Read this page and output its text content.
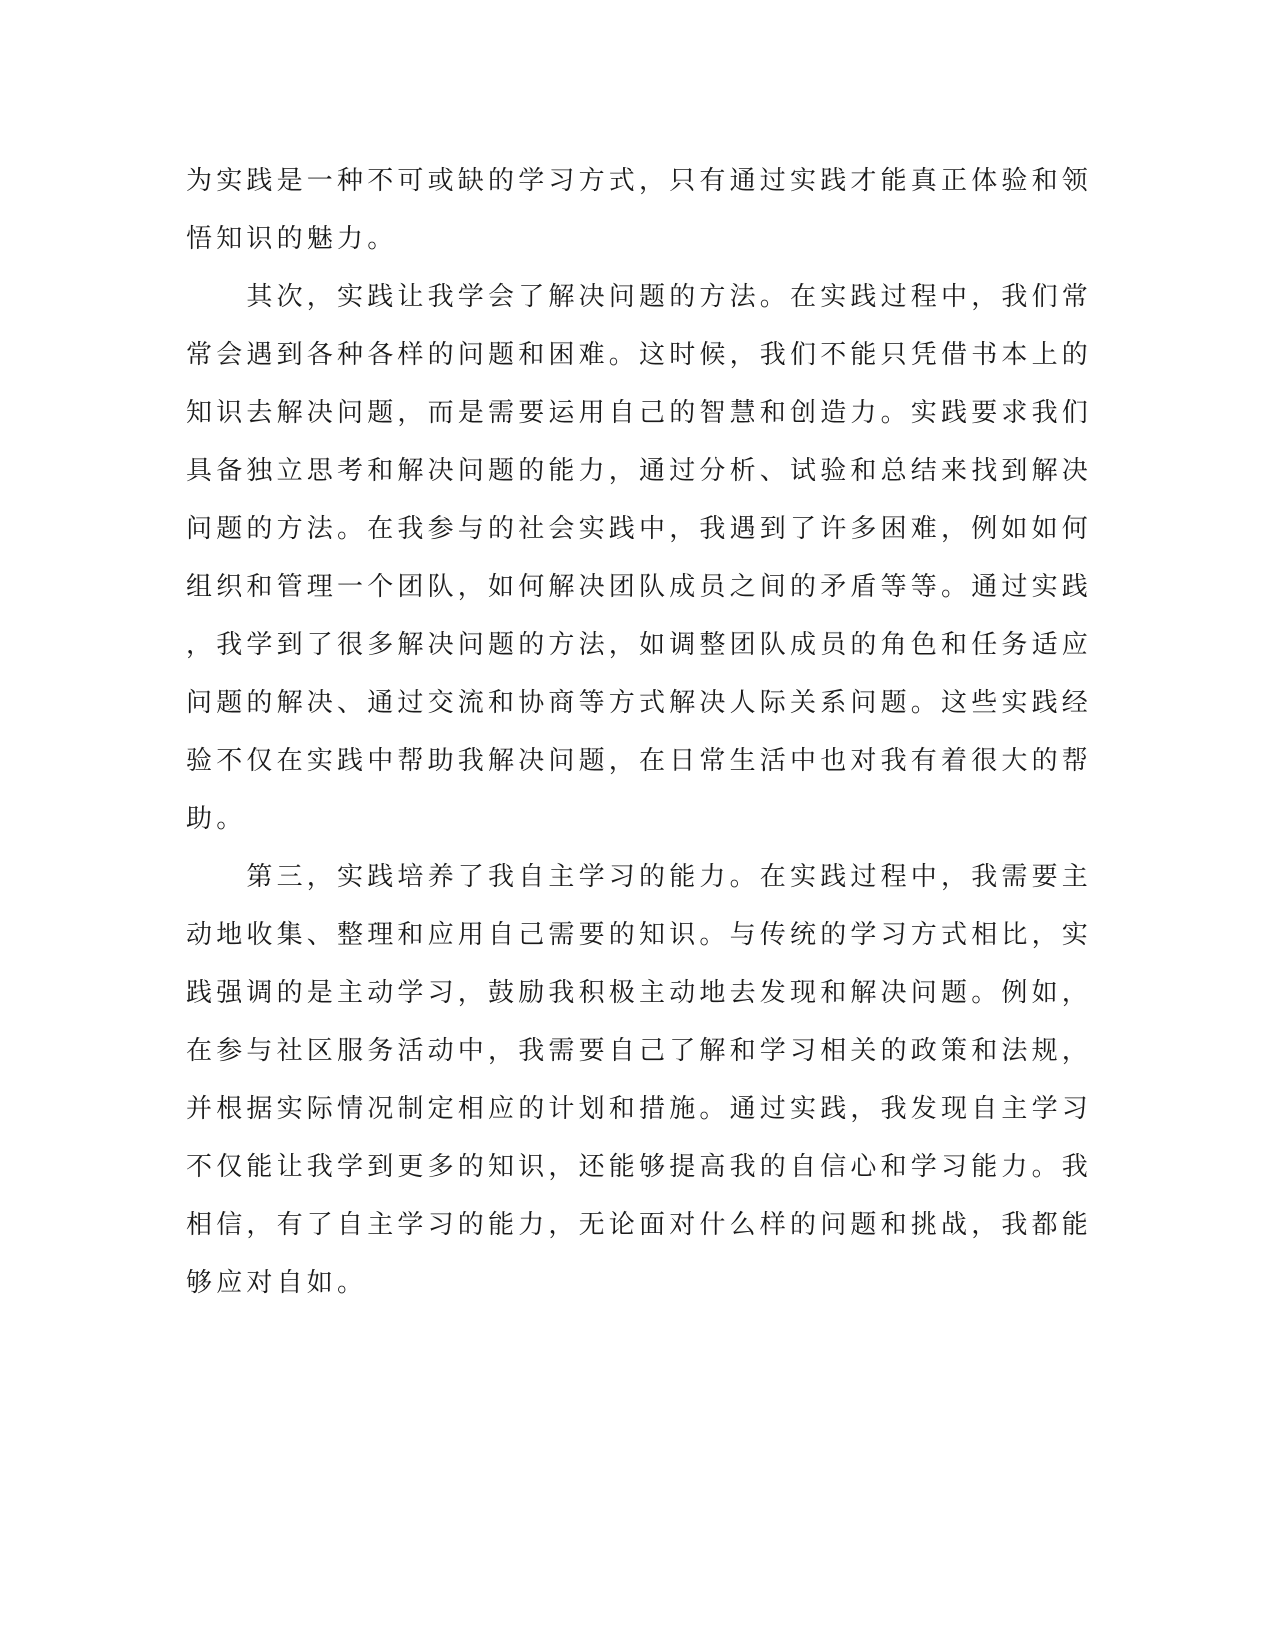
为实践是一种不可或缺的学习方式，只有通过实践才能真正体验和领
悟知识的魅力。
　　其次，实践让我学会了解决问题的方法。在实践过程中，我们常
常会遇到各种各样的问题和困难。这时候，我们不能只凭借书本上的
知识去解决问题，而是需要运用自己的智慧和创造力。实践要求我们
具备独立思考和解决问题的能力，通过分析、试验和总结来找到解决
问题的方法。在我参与的社会实践中，我遇到了许多困难，例如如何
组织和管理一个团队，如何解决团队成员之间的矛盾等等。通过实践
，我学到了很多解决问题的方法，如调整团队成员的角色和任务适应
问题的解决、通过交流和协商等方式解决人际关系问题。这些实践经
验不仅在实践中帮助我解决问题，在日常生活中也对我有着很大的帮
助。
　　第三，实践培养了我自主学习的能力。在实践过程中，我需要主
动地收集、整理和应用自己需要的知识。与传统的学习方式相比，实
践强调的是主动学习，鼓励我积极主动地去发现和解决问题。例如，
在参与社区服务活动中，我需要自己了解和学习相关的政策和法规，
并根据实际情况制定相应的计划和措施。通过实践，我发现自主学习
不仅能让我学到更多的知识，还能够提高我的自信心和学习能力。我
相信，有了自主学习的能力，无论面对什么样的问题和挑战，我都能
够应对自如。
